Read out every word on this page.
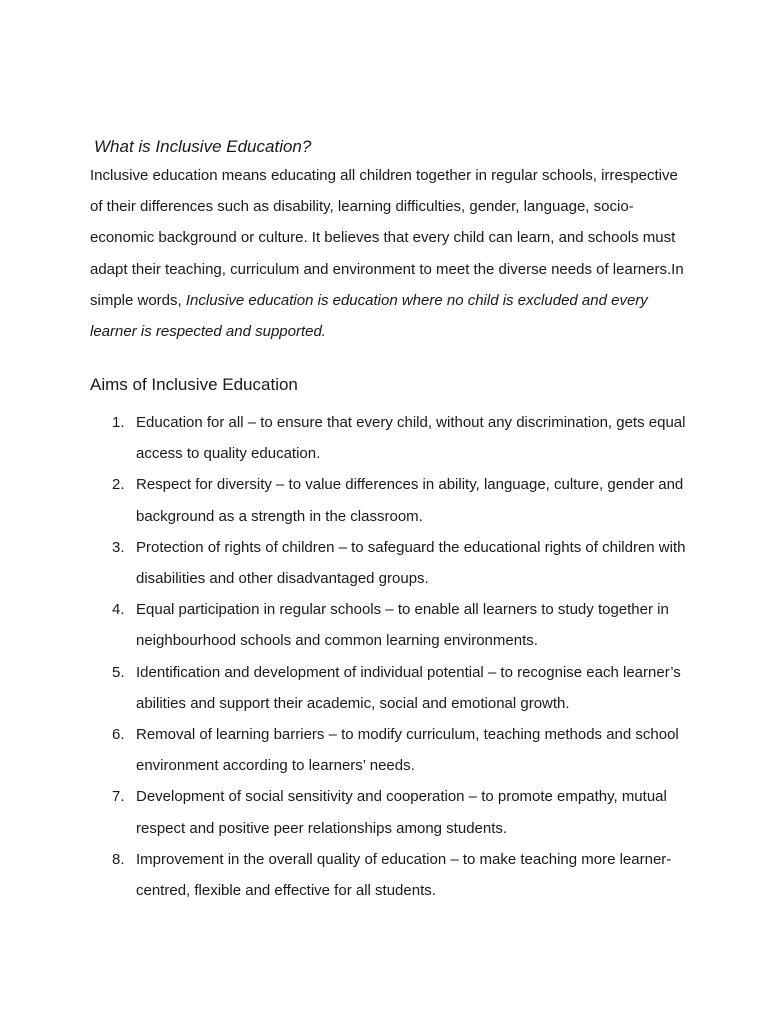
What is Inclusive Education?

Inclusive education means educating all children together in regular schools, irrespective of their differences such as disability, learning difficulties, gender, language, socio-economic background or culture. It believes that every child can learn, and schools must adapt their teaching, curriculum and environment to meet the diverse needs of learners.In simple words, Inclusive education is education where no child is excluded and every learner is respected and supported.

Aims of Inclusive Education
1. Education for all – to ensure that every child, without any discrimination, gets equal access to quality education.
2. Respect for diversity – to value differences in ability, language, culture, gender and background as a strength in the classroom.
3. Protection of rights of children – to safeguard the educational rights of children with disabilities and other disadvantaged groups.
4. Equal participation in regular schools – to enable all learners to study together in neighbourhood schools and common learning environments.
5. Identification and development of individual potential – to recognise each learner’s abilities and support their academic, social and emotional growth.
6. Removal of learning barriers – to modify curriculum, teaching methods and school environment according to learners’ needs.
7. Development of social sensitivity and cooperation – to promote empathy, mutual respect and positive peer relationships among students.
8. Improvement in the overall quality of education – to make teaching more learner-centred, flexible and effective for all students.
